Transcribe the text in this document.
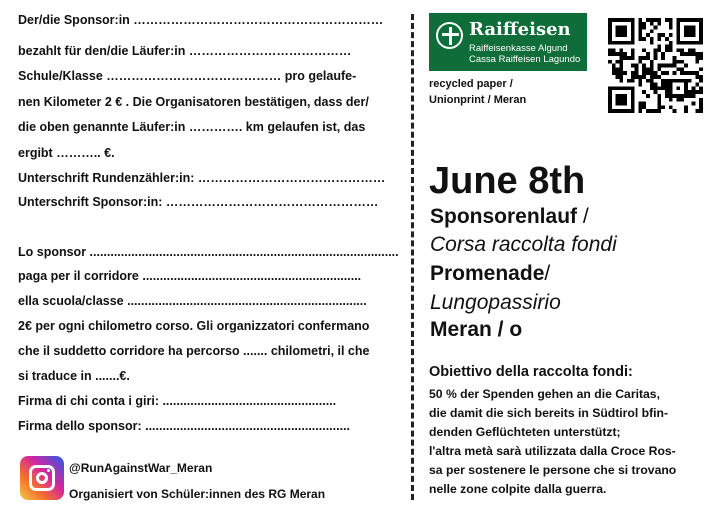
Der/die Sponsor:in ……………………………………………………
bezahlt für den/die Läufer:in …………………………………
Schule/Klasse …………………………………… pro gelaufe-
nen Kilometer 2 € . Die Organisatoren bestätigen, dass der/
die oben genannte Läufer:in …………. km gelaufen ist, das
ergibt ……….. €.
Unterschrift Rundenzähler:in: ………………………………………
Unterschrift Sponsor:in: ……………………………………………
Lo sponsor .........................................................................................
paga per il corridore ...............................................................
ella scuola/classe .....................................................................
2€ per ogni chilometro corso. Gli organizzatori confermano
che il suddetto corridore ha percorso ....... chilometri, il che
si traduce in .......€.
Firma di chi conta i giri: ..................................................
Firma dello sponsor: ...........................................................
Raiffeisen
Raiffeisenkasse Algund
Cassa Raiffeisen Lagundo
recycled paper /
Unionprint / Meran
June 8th
Sponsorenlauf /
Corsa raccolta fondi
Promenade/
Lungopassirio
Meran / o
Obiettivo della raccolta fondi:
50 % der Spenden gehen an die Caritas,
die damit die sich bereits in Südtirol bfin-
denden Geflüchteten unterstützt;
l'altra metà sarà utilizzata dalla Croce Ros-
sa per sostenere le persone che si trovano
nelle zone colpite dalla guerra.
@RunAgainstWar_Meran
Organisiert von Schüler:innen des RG Meran
